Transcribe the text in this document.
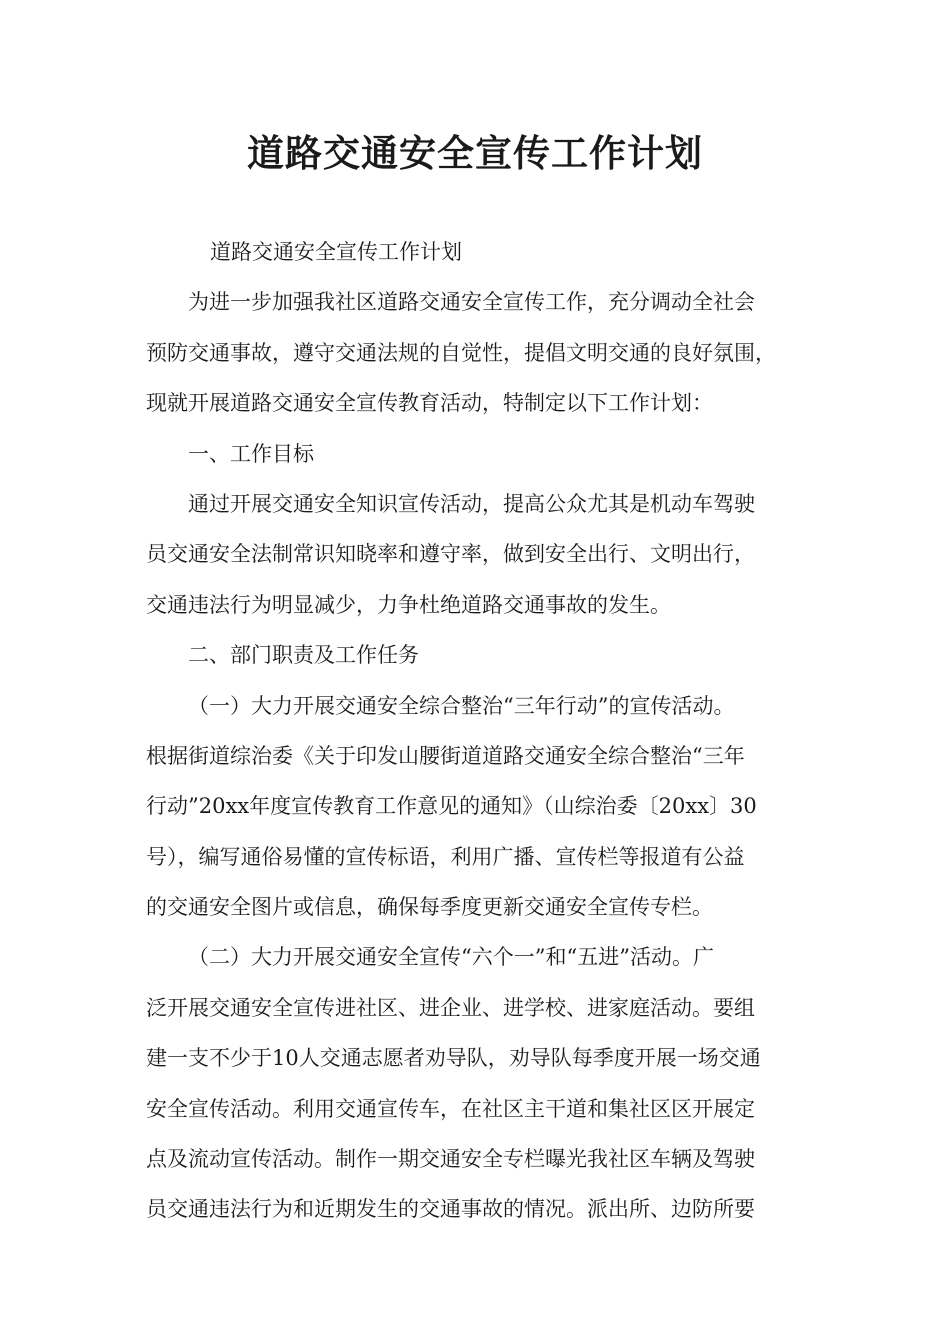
道路交通安全宣传工作计划
道路交通安全宣传工作计划
为进一步加强我社区道路交通安全宣传工作，充分调动全社会
预防交通事故，遵守交通法规的自觉性，提倡文明交通的良好氛围，
现就开展道路交通安全宣传教育活动，特制定以下工作计划：
一、工作目标
通过开展交通安全知识宣传活动，提高公众尤其是机动车驾驶
员交通安全法制常识知晓率和遵守率，做到安全出行、文明出行，
交通违法行为明显减少，力争杜绝道路交通事故的发生。
二、部门职责及工作任务
（一）大力开展交通安全综合整治“三年行动”的宣传活动。
根据街道综治委《关于印发山腰街道道路交通安全综合整治“三年
行动”20xx年度宣传教育工作意见的通知》（山综治委〔20xx〕30
号），编写通俗易懂的宣传标语，利用广播、宣传栏等报道有公益
的交通安全图片或信息，确保每季度更新交通安全宣传专栏。
（二）大力开展交通安全宣传“六个一”和“五进”活动。广
泛开展交通安全宣传进社区、进企业、进学校、进家庭活动。要组
建一支不少于10人交通志愿者劝导队，劝导队每季度开展一场交通
安全宣传活动。利用交通宣传车，在社区主干道和集社区区开展定
点及流动宣传活动。制作一期交通安全专栏曝光我社区车辆及驾驶
员交通违法行为和近期发生的交通事故的情况。派出所、边防所要
